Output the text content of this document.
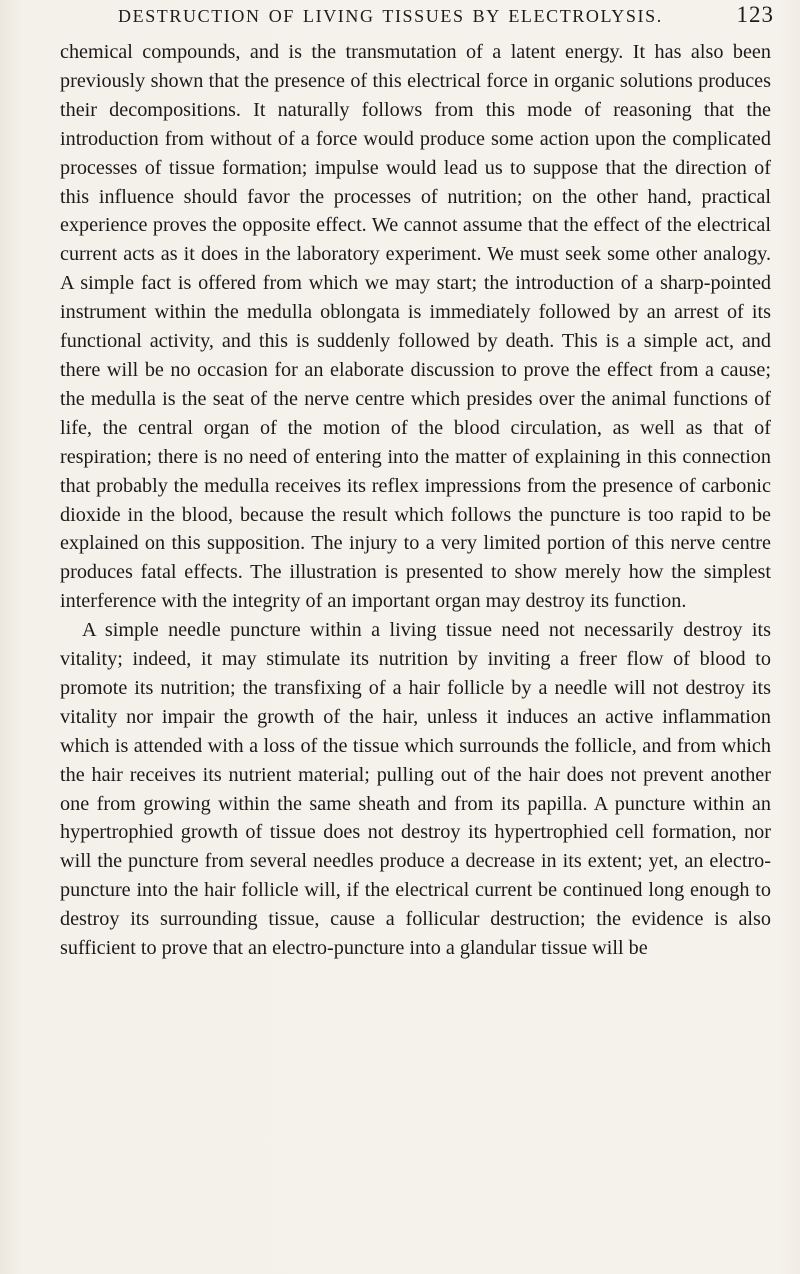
DESTRUCTION OF LIVING TISSUES BY ELECTROLYSIS.	123

chemical compounds, and is the transmutation of a latent energy. It has also been previously shown that the presence of this electrical force in organic solutions produces their decompositions. It naturally follows from this mode of reasoning that the introduction from without of a force would produce some action upon the complicated processes of tissue formation; impulse would lead us to suppose that the direction of this influence should favor the processes of nutrition; on the other hand, practical experience proves the opposite effect. We cannot assume that the effect of the electrical current acts as it does in the laboratory experiment. We must seek some other analogy. A simple fact is offered from which we may start; the introduction of a sharp-pointed instrument within the medulla oblongata is immediately followed by an arrest of its functional activity, and this is suddenly followed by death. This is a simple act, and there will be no occasion for an elaborate discussion to prove the effect from a cause; the medulla is the seat of the nerve centre which presides over the animal functions of life, the central organ of the motion of the blood circulation, as well as that of respiration; there is no need of entering into the matter of explaining in this connection that probably the medulla receives its reflex impressions from the presence of carbonic dioxide in the blood, because the result which follows the puncture is too rapid to be explained on this supposition. The injury to a very limited portion of this nerve centre produces fatal effects. The illustration is presented to show merely how the simplest interference with the integrity of an important organ may destroy its function.

A simple needle puncture within a living tissue need not necessarily destroy its vitality; indeed, it may stimulate its nutrition by inviting a freer flow of blood to promote its nutrition; the transfixing of a hair follicle by a needle will not destroy its vitality nor impair the growth of the hair, unless it induces an active inflammation which is attended with a loss of the tissue which surrounds the follicle, and from which the hair receives its nutrient material; pulling out of the hair does not prevent another one from growing within the same sheath and from its papilla. A puncture within an hypertrophied growth of tissue does not destroy its hypertrophied cell formation, nor will the puncture from several needles produce a decrease in its extent; yet, an electro-puncture into the hair follicle will, if the electrical current be continued long enough to destroy its surrounding tissue, cause a follicular destruction; the evidence is also sufficient to prove that an electro-puncture into a glandular tissue will be
